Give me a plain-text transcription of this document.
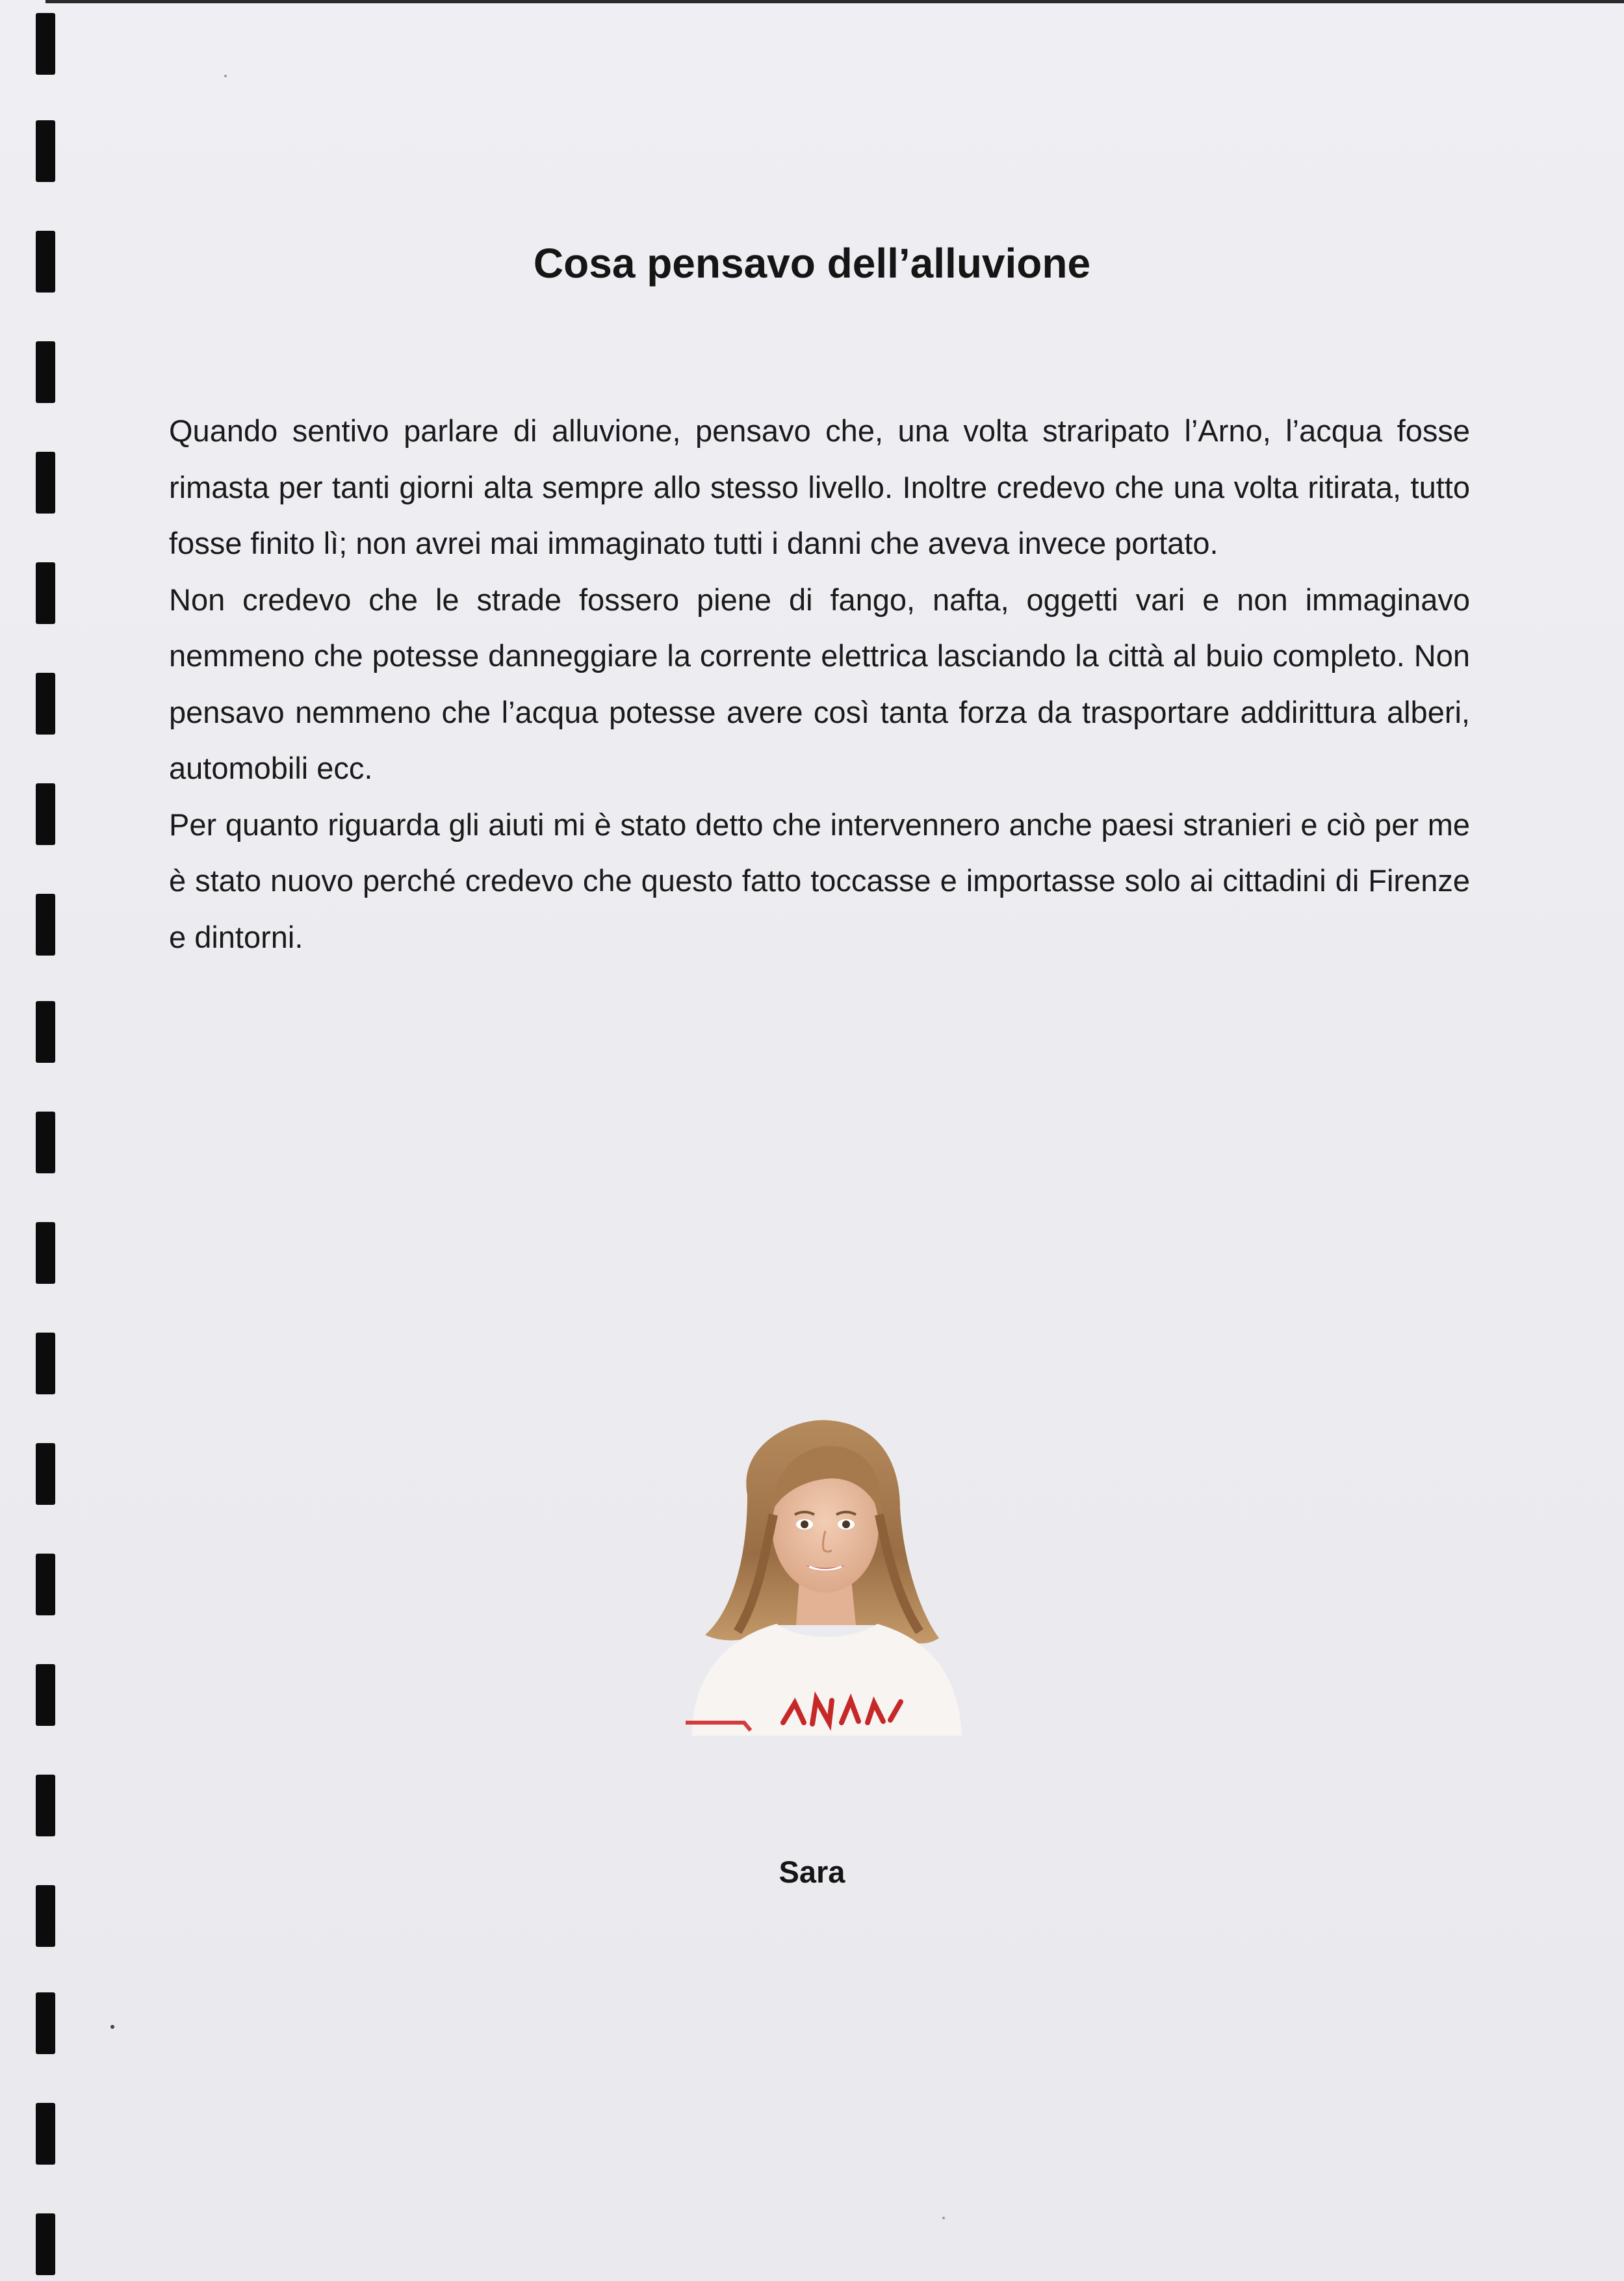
Cosa pensavo dell’alluvione

Quando sentivo parlare di alluvione, pensavo che, una volta straripato l’Arno, l’acqua fosse rimasta per tanti giorni alta sempre allo stesso livello. Inoltre credevo che una volta ritirata, tutto fosse finito lì; non avrei mai immaginato tutti i danni che aveva invece portato.

Non credevo che le strade fossero piene di fango, nafta, oggetti vari e non immaginavo nemmeno che potesse danneggiare la corrente elettrica lasciando la città al buio completo. Non pensavo nemmeno che l’acqua potesse avere così tanta forza da trasportare addirittura alberi, automobili ecc.

Per quanto riguarda gli aiuti mi è stato detto che intervennero anche paesi stranieri e ciò per me è stato nuovo perché credevo che questo fatto toccasse e importasse solo ai cittadini di Firenze e dintorni.

Sara
